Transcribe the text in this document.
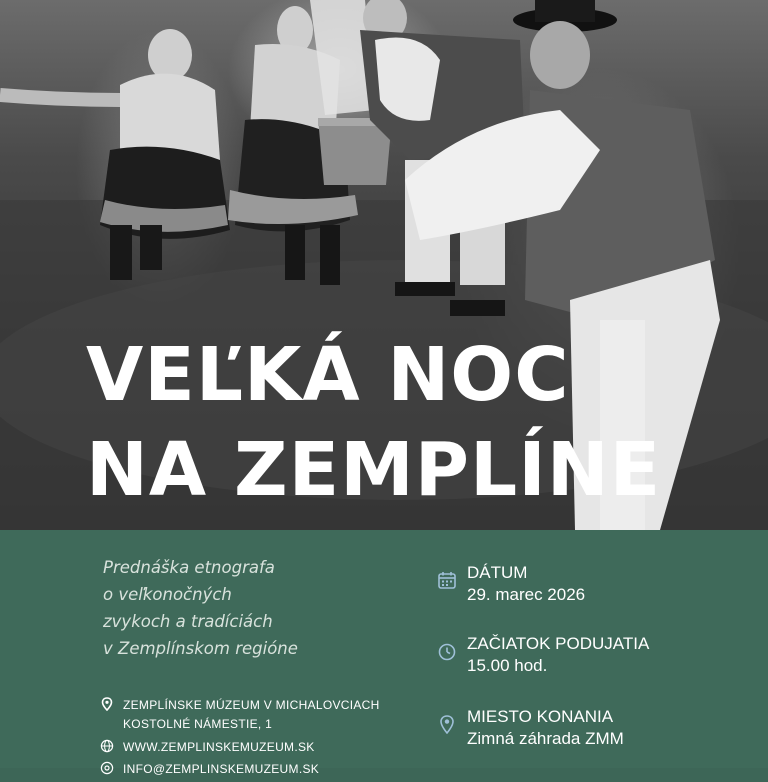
VEĽKÁ NOC
NA ZEMPLÍNE
Prednáška etnografa
o veľkonočných
zvykoch a tradíciách
v Zemplínskom regióne
ZEMPLÍNSKE MÚZEUM V MICHALOVCIACH
KOSTOLNÉ NÁMESTIE, 1
WWW.ZEMPLINSKEMUZEUM.SK
INFO@ZEMPLINSKEMUZEUM.SK
DÁTUM
29. marec 2026
ZAČIATOK PODUJATIA
15.00 hod.
MIESTO KONANIA
Zimná záhrada ZMM
